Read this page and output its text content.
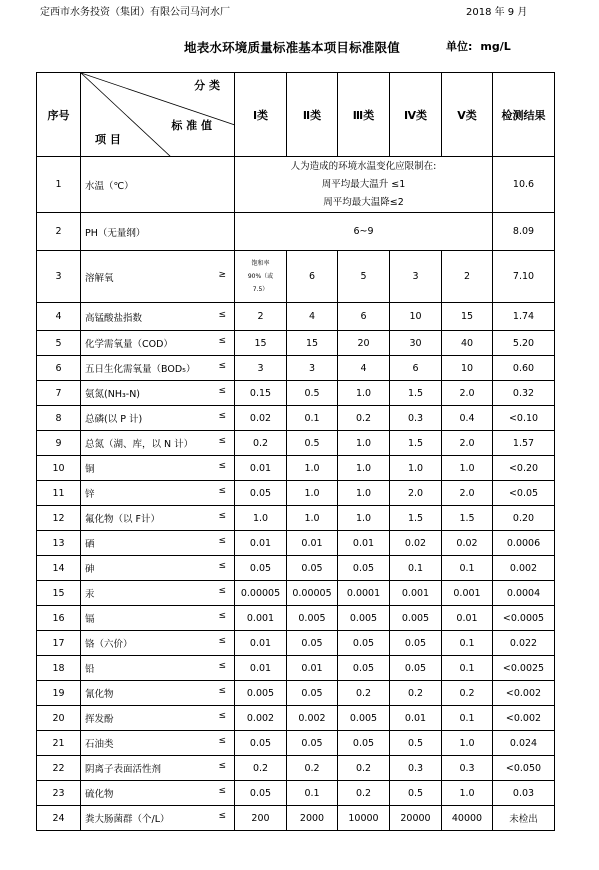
定西市水务投资（集团）有限公司马河水厂	2018 年 9 月
地表水环境质量标准基本项目标准限值	单位: mg/L
序号	分 类
标 准 值
项 目	Ⅰ类	Ⅱ类	Ⅲ类	Ⅳ类	Ⅴ类	检测结果
1	水温（℃）	人为造成的环境水温变化应限制在:
周平均最大温升 ≤1
周平均最大温降≤2					10.6
2	PH（无量纲）	6~9					8.09
3	溶解氧 ≥	饱和率
90%（或
7.5）	6	5	3	2	7.10
4	高锰酸盐指数 ≤	2	4	6	10	15	1.74
5	化学需氧量（COD） ≤	15	15	20	30	40	5.20
6	五日生化需氧量（BOD₅） ≤	3	3	4	6	10	0.60
7	氨氮(NH₃-N) ≤	0.15	0.5	1.0	1.5	2.0	0.32
8	总磷(以 P 计) ≤	0.02	0.1	0.2	0.3	0.4	<0.10
9	总氮（湖、库，以 N 计） ≤	0.2	0.5	1.0	1.5	2.0	1.57
10	铜 ≤	0.01	1.0	1.0	1.0	1.0	<0.20
11	锌 ≤	0.05	1.0	1.0	2.0	2.0	<0.05
12	氟化物（以 F计） ≤	1.0	1.0	1.0	1.5	1.5	0.20
13	硒 ≤	0.01	0.01	0.01	0.02	0.02	0.0006
14	砷 ≤	0.05	0.05	0.05	0.1	0.1	0.002
15	汞 ≤	0.00005	0.00005	0.0001	0.001	0.001	0.0004
16	镉 ≤	0.001	0.005	0.005	0.005	0.01	<0.0005
17	铬（六价） ≤	0.01	0.05	0.05	0.05	0.1	0.022
18	铅 ≤	0.01	0.01	0.05	0.05	0.1	<0.0025
19	氰化物 ≤	0.005	0.05	0.2	0.2	0.2	<0.002
20	挥发酚 ≤	0.002	0.002	0.005	0.01	0.1	<0.002
21	石油类 ≤	0.05	0.05	0.05	0.5	1.0	0.024
22	阴离子表面活性剂 ≤	0.2	0.2	0.2	0.3	0.3	<0.050
23	硫化物 ≤	0.05	0.1	0.2	0.5	1.0	0.03
24	粪大肠菌群（个/L） ≤	200	2000	10000	20000	40000	未检出
